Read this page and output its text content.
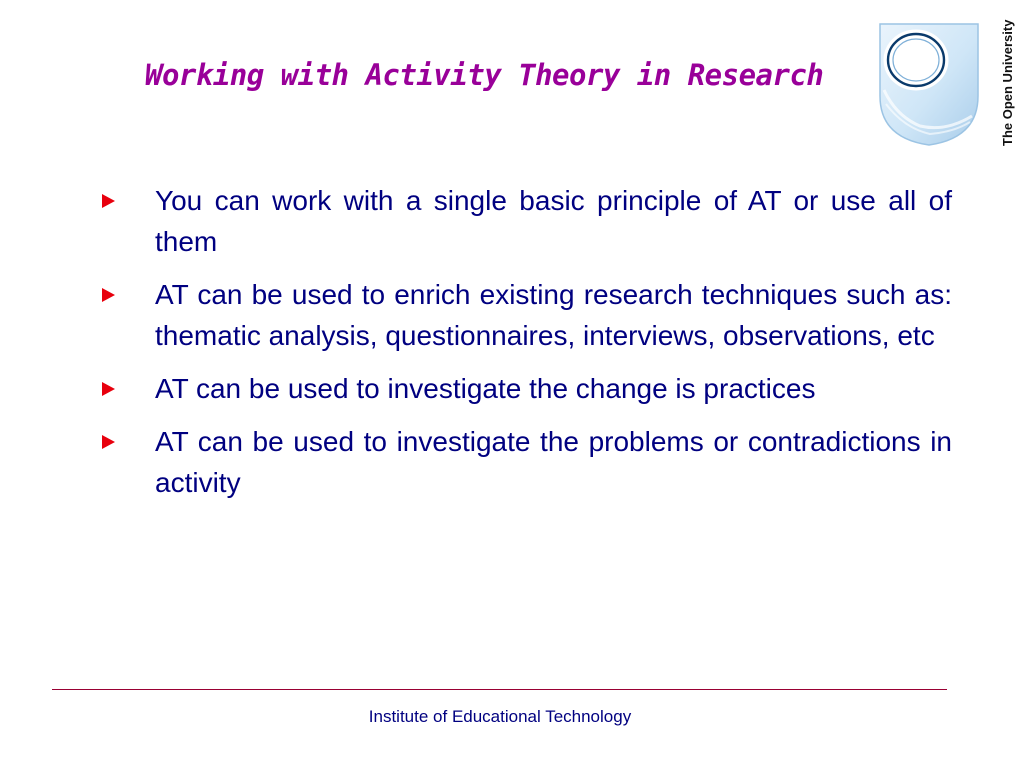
Working with Activity Theory in Research	The Open University
You can work with a single basic principle of AT or use all of them
AT can be used to enrich existing research techniques such as: thematic analysis, questionnaires, interviews, observations, etc
AT can be used to investigate the change is practices
AT can be used to investigate the problems or contradictions in activity
Institute of Educational Technology
